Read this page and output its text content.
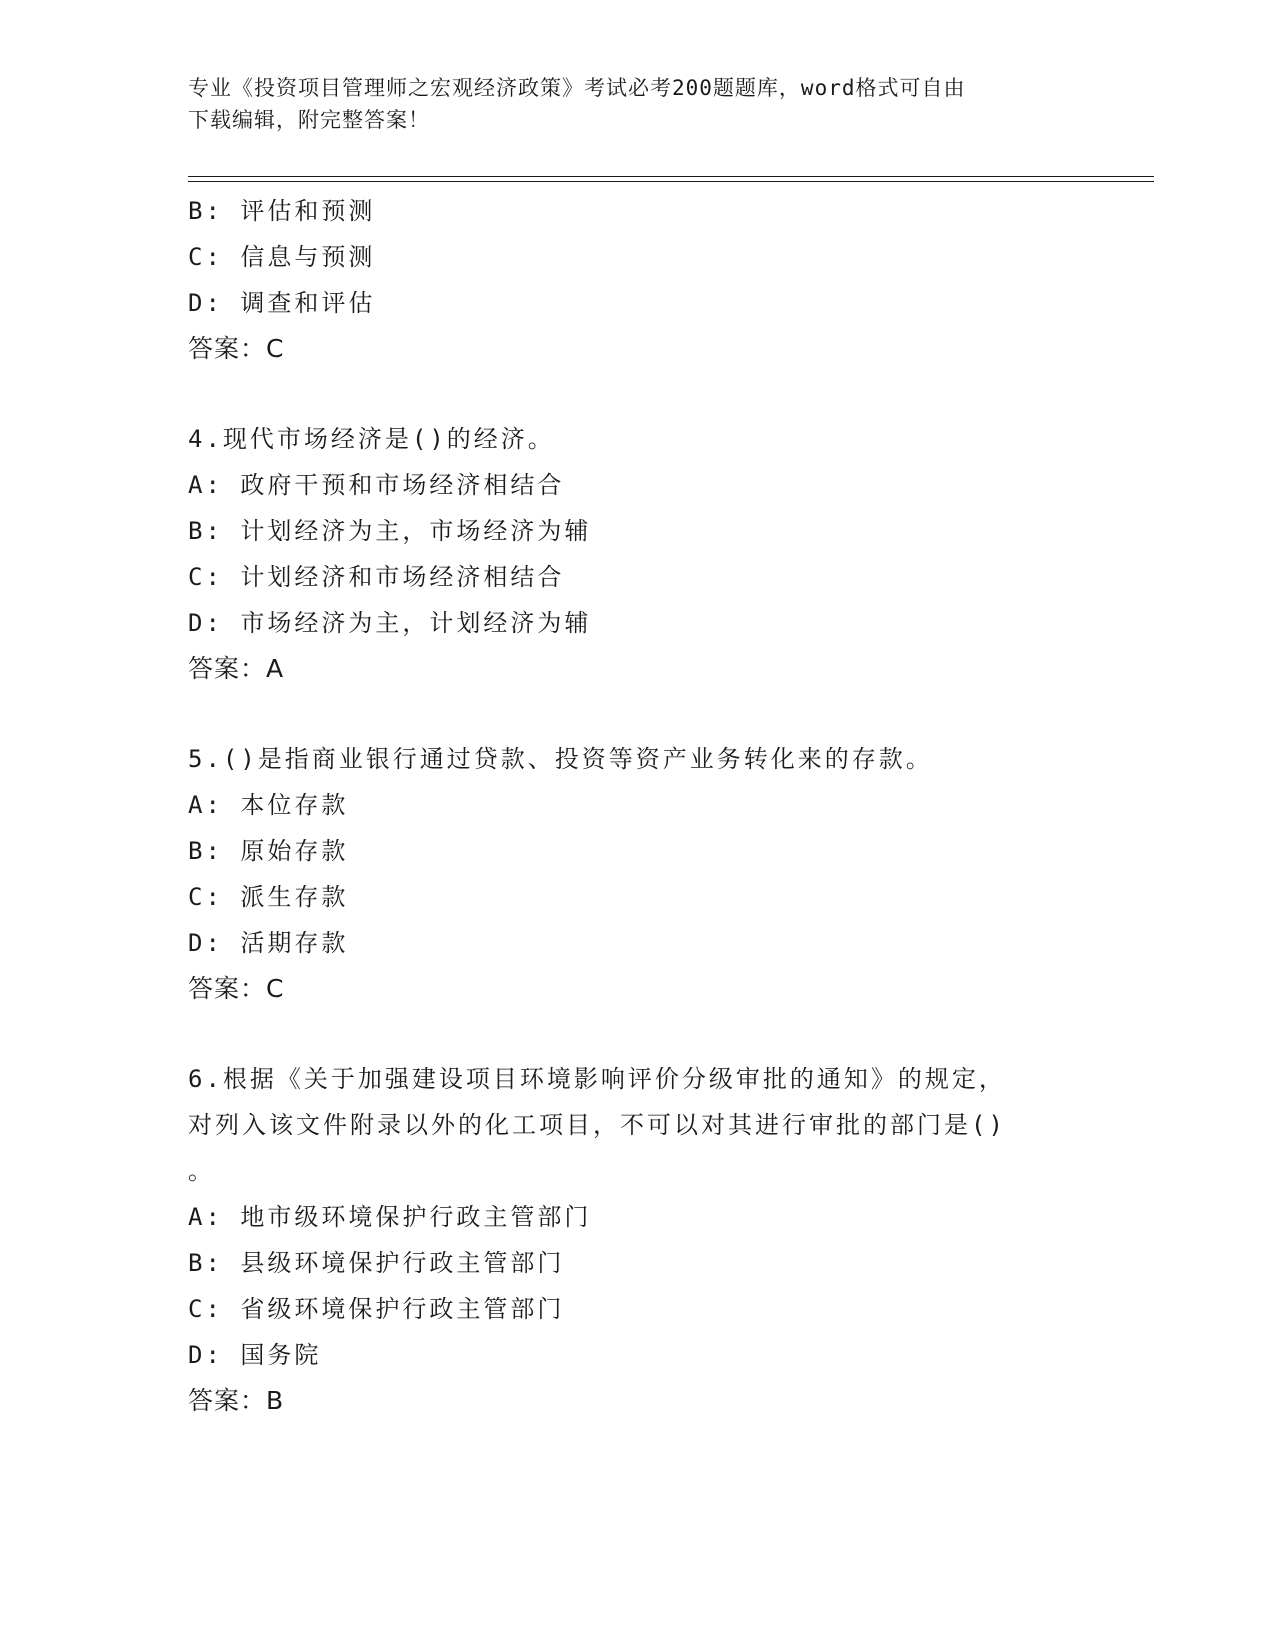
专业《投资项目管理师之宏观经济政策》考试必考200题题库，word格式可自由
下载编辑，附完整答案！
B: 评估和预测
C: 信息与预测
D: 调查和评估
答案：C
4.现代市场经济是()的经济。
A: 政府干预和市场经济相结合
B: 计划经济为主，市场经济为辅
C: 计划经济和市场经济相结合
D: 市场经济为主，计划经济为辅
答案：A
5.()是指商业银行通过贷款、投资等资产业务转化来的存款。
A: 本位存款
B: 原始存款
C: 派生存款
D: 活期存款
答案：C
6.根据《关于加强建设项目环境影响评价分级审批的通知》的规定，
对列入该文件附录以外的化工项目，不可以对其进行审批的部门是()
。
A: 地市级环境保护行政主管部门
B: 县级环境保护行政主管部门
C: 省级环境保护行政主管部门
D: 国务院
答案：B
